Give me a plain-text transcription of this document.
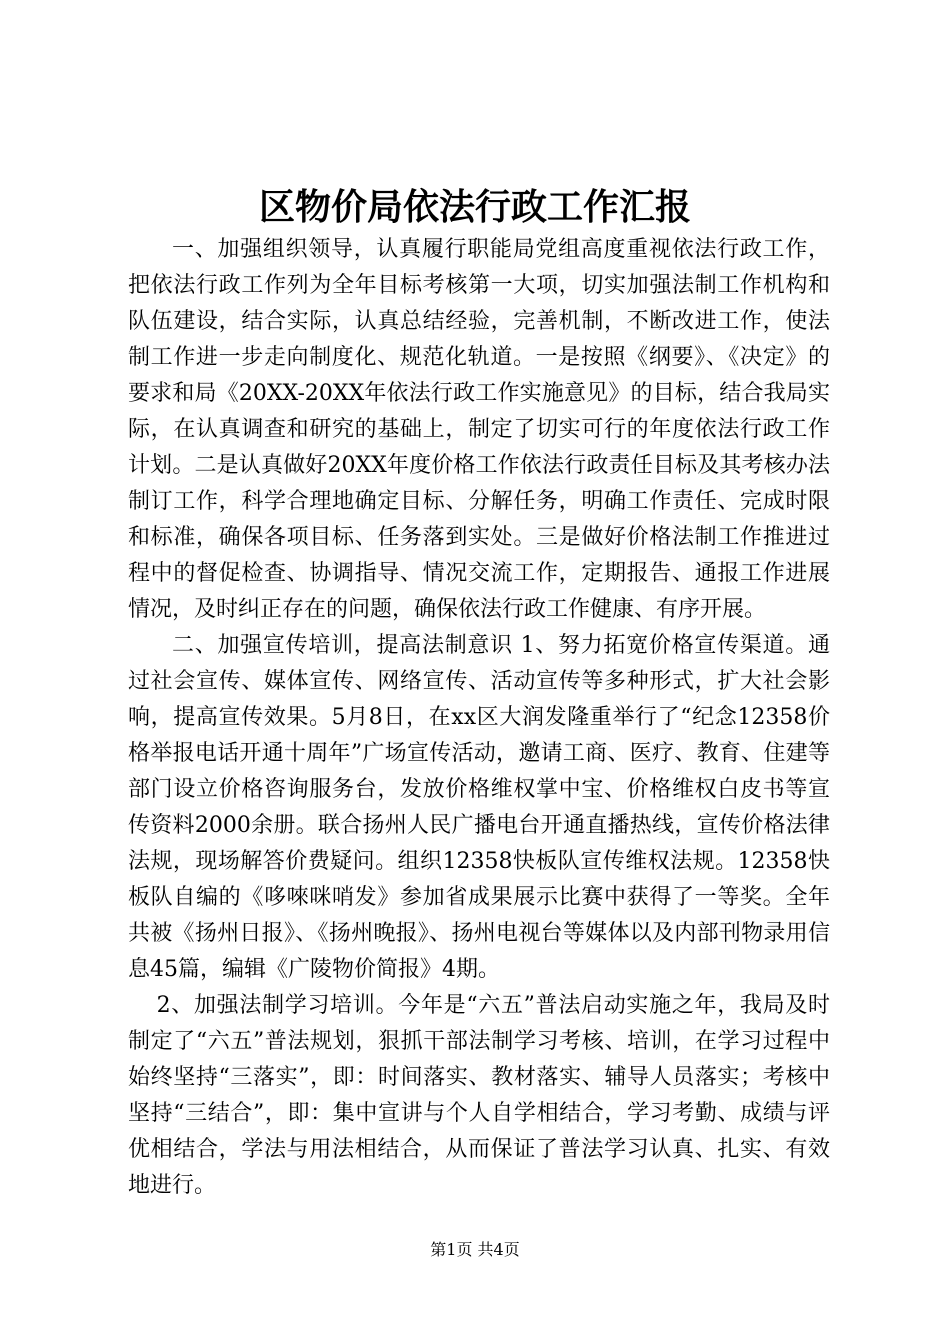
区物价局依法行政工作汇报

一、加强组织领导，认真履行职能局党组高度重视依法行政工作，把依法行政工作列为全年目标考核第一大项，切实加强法制工作机构和队伍建设，结合实际，认真总结经验，完善机制，不断改进工作，使法制工作进一步走向制度化、规范化轨道。一是按照《纲要》、《决定》的要求和局《20XX-20XX年依法行政工作实施意见》的目标，结合我局实际，在认真调查和研究的基础上，制定了切实可行的年度依法行政工作计划。二是认真做好20XX年度价格工作依法行政责任目标及其考核办法制订工作，科学合理地确定目标、分解任务，明确工作责任、完成时限和标准，确保各项目标、任务落到实处。三是做好价格法制工作推进过程中的督促检查、协调指导、情况交流工作，定期报告、通报工作进展情况，及时纠正存在的问题，确保依法行政工作健康、有序开展。

二、加强宣传培训，提高法制意识 1、努力拓宽价格宣传渠道。通过社会宣传、媒体宣传、网络宣传、活动宣传等多种形式，扩大社会影响，提高宣传效果。5月8日，在xx区大润发隆重举行了“纪念12358价格举报电话开通十周年”广场宣传活动，邀请工商、医疗、教育、住建等部门设立价格咨询服务台，发放价格维权掌中宝、价格维权白皮书等宣传资料2000余册。联合扬州人民广播电台开通直播热线，宣传价格法律法规，现场解答价费疑问。组织12358快板队宣传维权法规。12358快板队自编的《哆唻咪哨发》参加省成果展示比赛中获得了一等奖。全年共被《扬州日报》、《扬州晚报》、扬州电视台等媒体以及内部刊物录用信息45篇，编辑《广陵物价简报》4期。

2、加强法制学习培训。今年是“六五”普法启动实施之年，我局及时制定了“六五”普法规划，狠抓干部法制学习考核、培训，在学习过程中始终坚持“三落实”，即：时间落实、教材落实、辅导人员落实；考核中坚持“三结合”，即：集中宣讲与个人自学相结合，学习考勤、成绩与评优相结合，学法与用法相结合，从而保证了普法学习认真、扎实、有效地进行。

第1页 共4页
